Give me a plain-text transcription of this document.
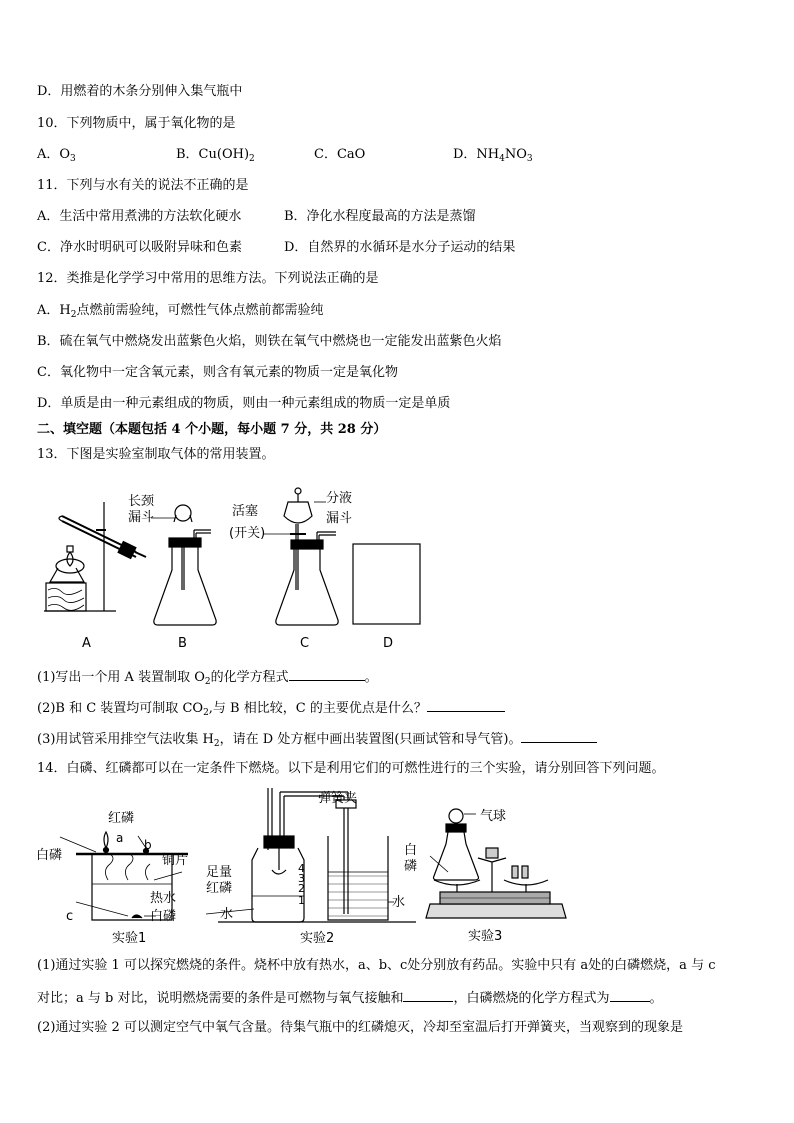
D．用燃着的木条分别伸入集气瓶中
10．下列物质中，属于氧化物的是
A．$O_3$	B．$Cu(OH)_2$	C．CaO	D．$NH_4NO_3$
11．下列与水有关的说法不正确的是
A．生活中常用煮沸的方法软化硬水	B．净化水程度最高的方法是蒸馏
C．净水时明矾可以吸附异味和色素	D．自然界的水循环是水分子运动的结果
12．类推是化学学习中常用的思维方法。下列说法正确的是
A．$H_2$点燃前需验纯，可燃性气体点燃前都需验纯
B．硫在氧气中燃烧发出蓝紫色火焰，则铁在氧气中燃烧也一定能发出蓝紫色火焰
C．氧化物中一定含氧元素，则含有氧元素的物质一定是氧化物
D．单质是由一种元素组成的物质，则由一种元素组成的物质一定是单质
二、填空题（本题包括 4 个小题，每小题 7 分，共 28 分）
13．下图是实验室制取气体的常用装置。
A
长颈
漏斗
B
活塞
(开关)
分液
漏斗
C	D
(1)写出一个用 A 装置制取 $O_2$的化学方程式	。
(2)B 和 C 装置均可制取 $CO_2$,与 B 相比较，C 的主要优点是什么？
(3)用试管采用排空气法收集 $H_2$，请在 D 处方框中画出装置图(只画试管和导气管)。
14．白磷、红磷都可以在一定条件下燃烧。以下是利用它们的可燃性进行的三个实验，请分别回答下列问题。
a b
红磷
白磷	铜片
热水
c	白磷
实验1
弹簧夹
足量
红磷
4
3
2
1
水
水
实验2
气球
白
磷
实验3
(1)通过实验 1 可以探究燃烧的条件。烧杯中放有热水，a、b、c处分别放有药品。实验中只有 a处的白磷燃烧，a 与 c
对比；a 与 b 对比，说明燃烧需要的条件是可燃物与氧气接触和	，白磷燃烧的化学方程式为	。
(2)通过实验 2 可以测定空气中氧气含量。待集气瓶中的红磷熄灭，冷却至室温后打开弹簧夹，当观察到的现象是
